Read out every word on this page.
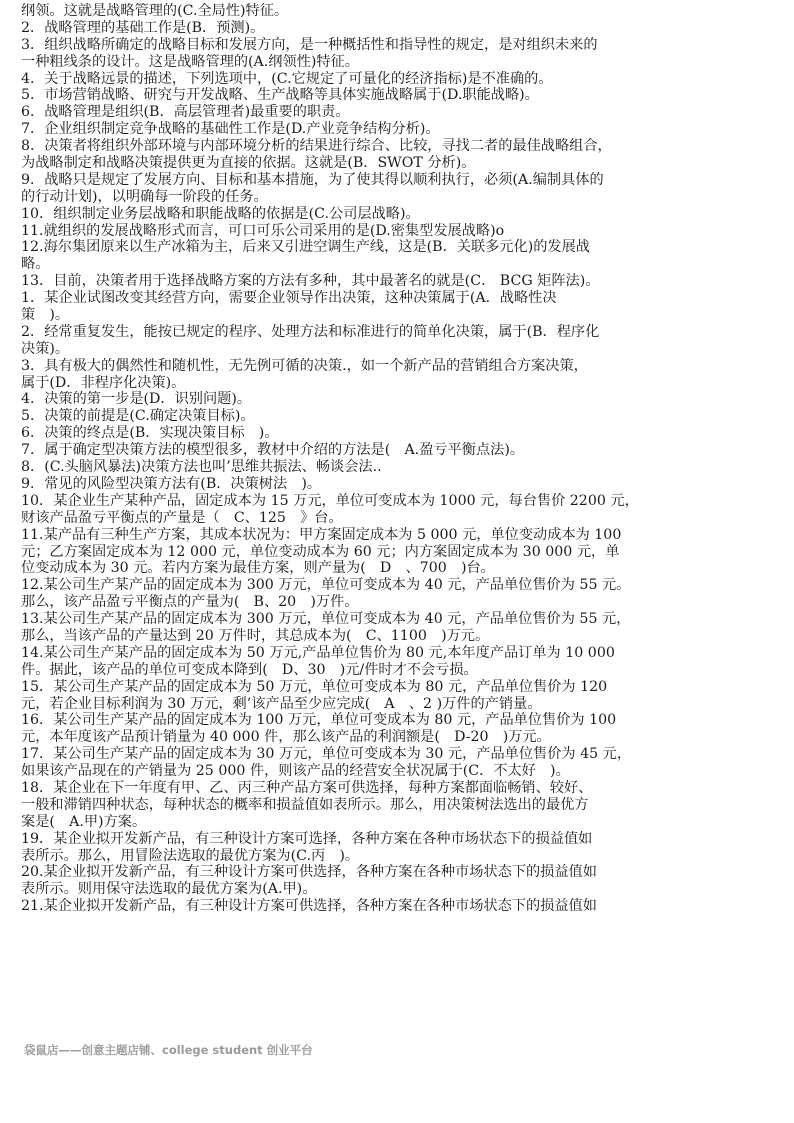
纲领。这就是战略管理的(C.全局性)特征。
2．战略管理的基础工作是(B．预测)。
3．组织战略所确定的战略目标和发展方向，是一种概括性和指导性的规定，是对组织未来的
一种粗线条的设计。这是战略管理的(A.纲领性)特征。
4．关于战略远景的描述，下列选项中，(C.它规定了可量化的经济指标)是不准确的。
5．市场营销战略、研究与开发战略、生产战略等具体实施战略属于(D.职能战略)。
6．战略管理是组织(B．高层管理者)最重要的职责。
7．企业组织制定竞争战略的基础性工作是(D.产业竞争结构分析)。
8．决策者将组织外部环境与内部环境分析的结果进行综合、比较，寻找二者的最佳战略组合，
为战略制定和战略决策提供更为直接的依据。这就是(B．SWOT 分析)。
9．战略只是规定了发展方向、目标和基本措施，为了使其得以顺利执行，必须(A.编制具体的
的行动计划)，以明确每一阶段的任务。
10．组织制定业务层战略和职能战略的依据是(C.公司层战略)。
11.就组织的发展战略形式而言，可口可乐公司采用的是(D.密集型发展战略)o
12.海尔集团原来以生产冰箱为主，后来又引进空调生产线，这是(B．关联多元化)的发展战
略。
13．目前，决策者用于选择战略方案的方法有多种，其中最著名的就是(C． BCG 矩阵法)。
1．某企业试图改变其经营方向，需要企业领导作出决策，这种决策属于(A．战略性决
策　)。
2．经常重复发生，能按已规定的程序、处理方法和标准进行的简单化决策，属于(B．程序化
决策)。
3．具有极大的偶然性和随机性，无先例可循的决策.，如一个新产品的营销组合方案决策，
属于(D．非程序化决策)。
4．决策的第一步是(D．识别问题)。
5．决策的前提是(C.确定决策目标)。
6．决策的终点是(B．实现决策目标　)。
7．属于确定型决策方法的模型很多，教材中介绍的方法是(　A.盈亏平衡点法)。
8．(C.头脑风暴法)决策方法也叫’思维共振法、畅谈会法..
9．常见的风险型决策方法有(B．决策树法　)。
10．某企业生产某种产品，固定成本为 15 万元，单位可变成本为 1000 元，每台售价 2200 元，
财该产品盈亏平衡点的产量是（　C、125　》台。
11.某产品有三种生产方案，其成本状况为：甲方案固定成本为 5 000 元，单位变动成本为 100
元；乙方案固定成本为 12 000 元，单位变动成本为 60 元；内方案固定成本为 30 000 元，单
位变动成本为 30 元。若内方案为最佳方案，则产量为(　D　、700　)台。
12.某公司生产某产品的固定成本为 300 万元，单位可变成本为 40 元，产品单位售价为 55 元。
那么，该产品盈亏平衡点的产量为(　B、20　)万件。
13.某公司生产某产品的固定成本为 300 万元，单位可变成本为 40 元，产品单位售价为 55 元，
那么，当该产品的产量达到 20 万件时，其总成本为(　C、1100　)万元。
14.某公司生产某产品的固定成本为 50 万元,产品单位售价为 80 元,本年度产品订单为 10 000
件。据此，该产品的单位可变成本降到(　D、30　)元/件时才不会亏损。
15．某公司生产某产品的固定成本为 50 万元，单位可变成本为 80 元，产品单位售价为 120
元，若企业目标利润为 30 万元，剩’该产品至少应完成(　A　、2 )万件的产销量。
16．某公司生产某产品的固定成本为 100 万元，单位可变成本为 80 元，产品单位售价为 100
元，本年度该产品预计销量为 40 000 件，那么该产品的利润额是(　D-20　)万元。
17．某公司生产某产品的固定成本为 30 万元，单位可变成本为 30 元，产品单位售价为 45 元，
如果该产品现在的产销量为 25 000 件，则该产品的经营安全状况属于(C．不太好　)。
18．某企业在下一年度有甲、乙、丙三种产品方案可供选择，每种方案都面临畅销、较好、
一般和滞销四种状态，每种状态的概率和损益值如表所示。那么，用决策树法选出的最优方
案是(　A.甲)方案。
19．某企业拟开发新产品，有三种设计方案可选择，各种方案在各种市场状态下的损益值如
表所示。那么，用冒险法选取的最优方案为(C.丙　)。
20.某企业拟开发新产品，有三种设计方案可供选择，各种方案在各种市场状态下的损益值如
表所示。则用保守法选取的最优方案为(A.甲)。
21.某企业拟开发新产品，有三种设计方案可供选择，各种方案在各种市场状态下的损益值如
袋鼠店——创意主题店铺、college student 创业平台
